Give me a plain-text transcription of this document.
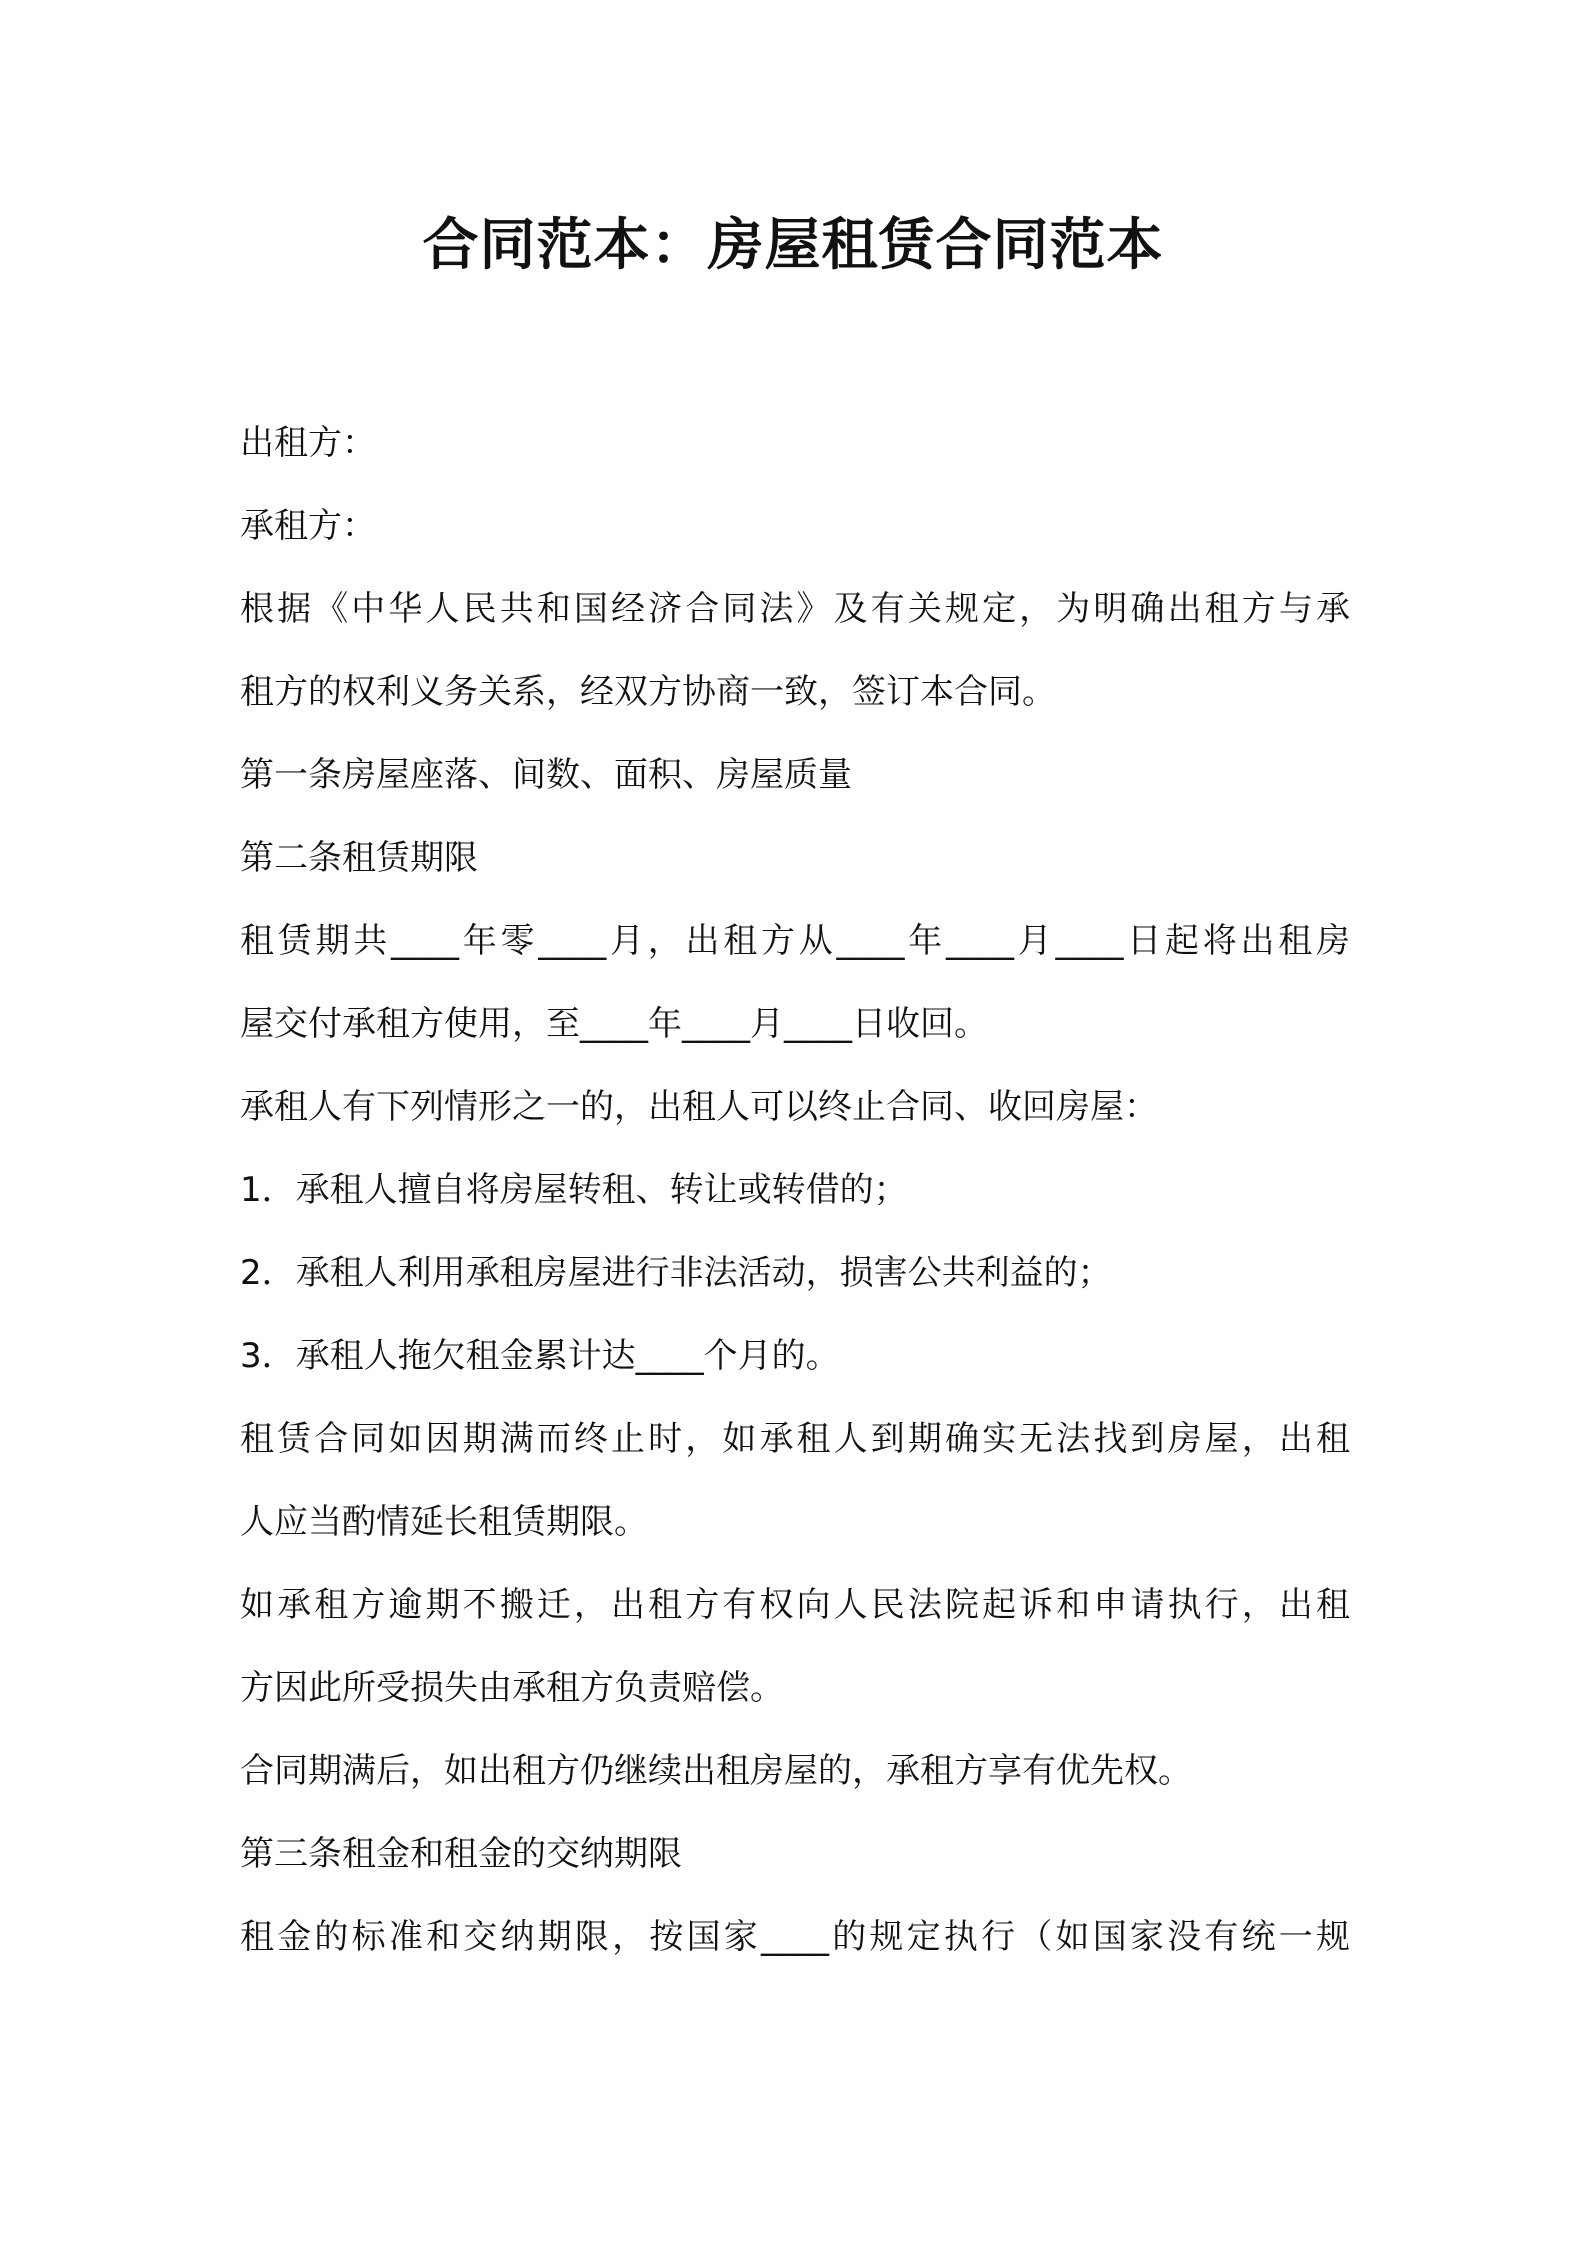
合同范本：房屋租赁合同范本
出租方：
承租方：
根据《中华人民共和国经济合同法》及有关规定，为明确出租方与承
租方的权利义务关系，经双方协商一致，签订本合同。
第一条房屋座落、间数、面积、房屋质量
第二条租赁期限
租赁期共____年零____月，出租方从____年____月____日起将出租房
屋交付承租方使用，至____年____月____日收回。
承租人有下列情形之一的，出租人可以终止合同、收回房屋：
1．承租人擅自将房屋转租、转让或转借的；
2．承租人利用承租房屋进行非法活动，损害公共利益的；
3．承租人拖欠租金累计达____个月的。
租赁合同如因期满而终止时，如承租人到期确实无法找到房屋，出租
人应当酌情延长租赁期限。
如承租方逾期不搬迁，出租方有权向人民法院起诉和申请执行，出租
方因此所受损失由承租方负责赔偿。
合同期满后，如出租方仍继续出租房屋的，承租方享有优先权。
第三条租金和租金的交纳期限
租金的标准和交纳期限，按国家____的规定执行（如国家没有统一规
